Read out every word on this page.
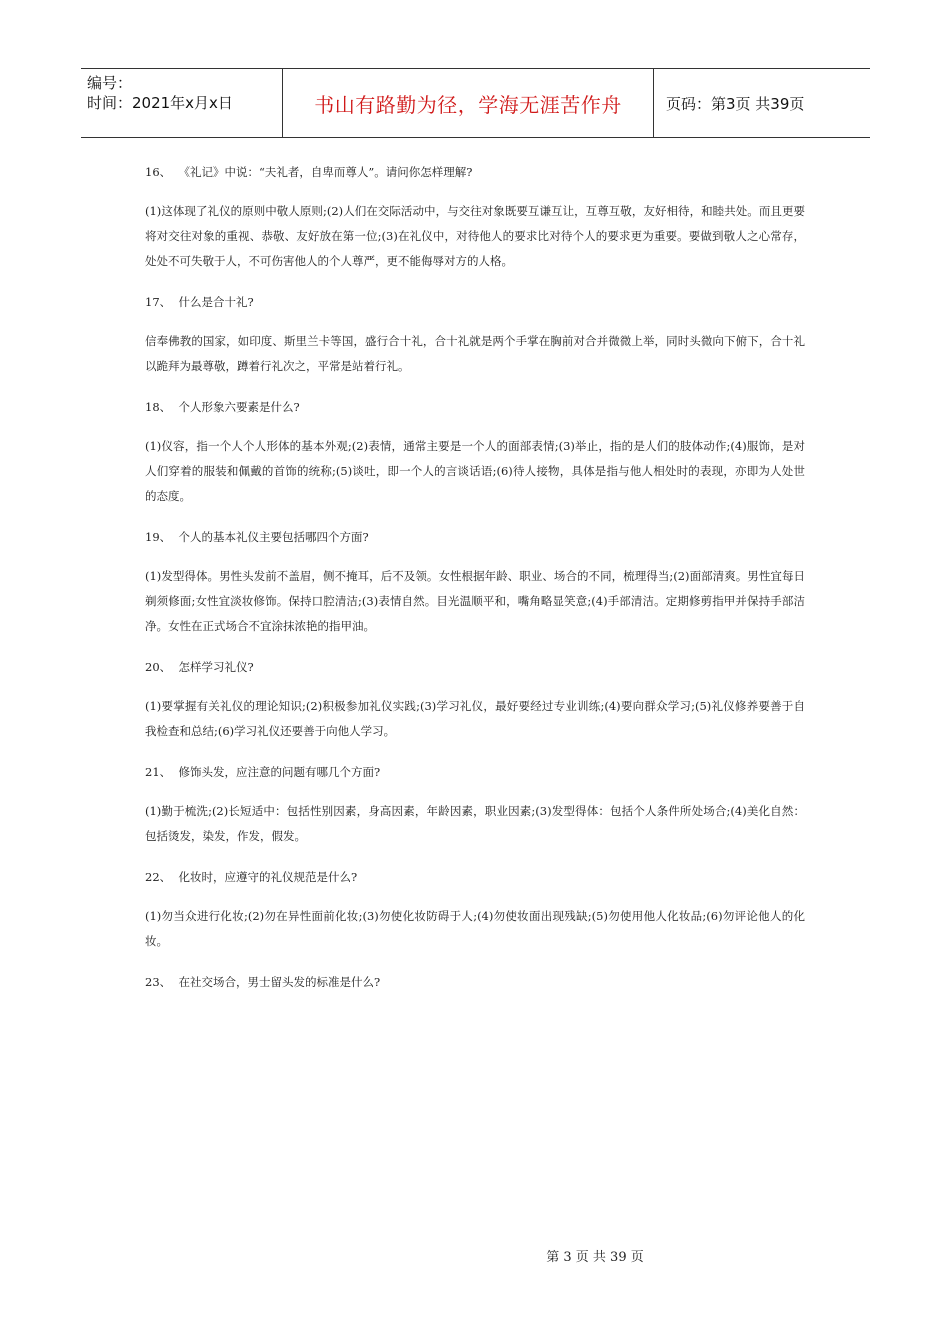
编号：
时间：2021年x月x日	书山有路勤为径，学海无涯苦作舟	页码：第3页 共39页
16、  《礼记》中说：“夫礼者，自卑而尊人”。请问你怎样理解?
(1)这体现了礼仪的原则中敬人原则;(2)人们在交际活动中，与交往对象既要互谦互让，互尊互敬，友好相待，和睦共处。而且更要将对交往对象的重视、恭敬、友好放在第一位;(3)在礼仪中，对待他人的要求比对待个人的要求更为重要。要做到敬人之心常存，处处不可失敬于人，不可伤害他人的个人尊严，更不能侮辱对方的人格。
17、  什么是合十礼?
信奉佛教的国家，如印度、斯里兰卡等国，盛行合十礼，合十礼就是两个手掌在胸前对合并微微上举，同时头微向下俯下，合十礼以跪拜为最尊敬，蹲着行礼次之，平常是站着行礼。
18、  个人形象六要素是什么?
(1)仪容，指一个人个人形体的基本外观;(2)表情，通常主要是一个人的面部表情;(3)举止，指的是人们的肢体动作;(4)服饰，是对人们穿着的服装和佩戴的首饰的统称;(5)谈吐，即一个人的言谈话语;(6)待人接物，具体是指与他人相处时的表现，亦即为人处世的态度。
19、  个人的基本礼仪主要包括哪四个方面?
(1)发型得体。男性头发前不盖眉，侧不掩耳，后不及领。女性根据年龄、职业、场合的不同，梳理得当;(2)面部清爽。男性宜每日剃须修面;女性宜淡妆修饰。保持口腔清洁;(3)表情自然。目光温顺平和，嘴角略显笑意;(4)手部清洁。定期修剪指甲并保持手部洁净。女性在正式场合不宜涂抹浓艳的指甲油。
20、  怎样学习礼仪?
(1)要掌握有关礼仪的理论知识;(2)积极参加礼仪实践;(3)学习礼仪，最好要经过专业训练;(4)要向群众学习;(5)礼仪修养要善于自我检查和总结;(6)学习礼仪还要善于向他人学习。
21、  修饰头发，应注意的问题有哪几个方面?
(1)勤于梳洗;(2)长短适中：包括性别因素，身高因素，年龄因素，职业因素;(3)发型得体：包括个人条件所处场合;(4)美化自然：包括烫发，染发，作发，假发。
22、  化妆时，应遵守的礼仪规范是什么?
(1)勿当众进行化妆;(2)勿在异性面前化妆;(3)勿使化妆防碍于人;(4)勿使妆面出现残缺;(5)勿使用他人化妆品;(6)勿评论他人的化妆。
23、  在社交场合，男士留头发的标准是什么?
第 3 页 共 39 页
